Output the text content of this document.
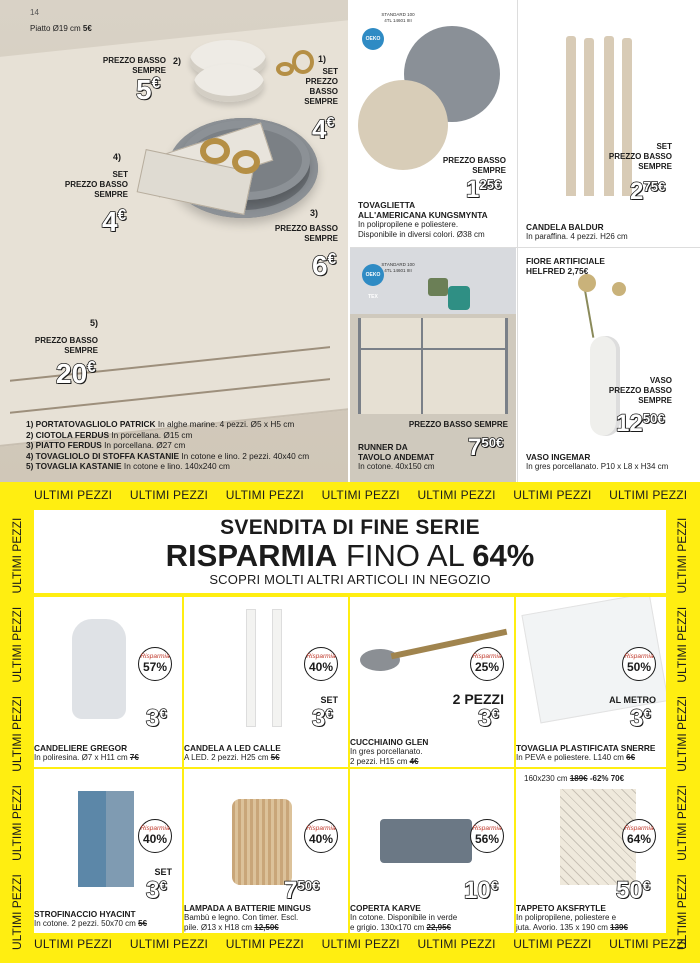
14
Piatto Ø19 cm 5€
PREZZO BASSO
SEMPRE
2)
5€
1)
SET
PREZZO
BASSO
SEMPRE
4€
4)
SET
PREZZO BASSO
SEMPRE
4€	3)
PREZZO BASSO
SEMPRE
6€
5)
PREZZO BASSO
SEMPRE
20€
1) PORTATOVAGLIOLO PATRICK In alghe marine. 4 pezzi. Ø5 x H5 cm
2) CIOTOLA FERDUS In porcellana. Ø15 cm
3) PIATTO FERDUS In porcellana. Ø27 cm
4) TOVAGLIOLO DI STOFFA KASTANIE In cotone e lino. 2 pezzi. 40x40 cm
5) TOVAGLIA KASTANIE In cotone e lino. 140x240 cm
OEKO TEX
STANDARD 100
4TL 14601 IIII
PREZZO BASSO
SEMPRE
$1^{25€}$
TOVAGLIETTA
ALL'AMERICANA KUNGSMYNTA
In polipropilene e poliestere.
Disponibile in diversi colori. Ø38 cm
SET
PREZZO BASSO
SEMPRE
$2^{75€}$
CANDELA BALDUR
In paraffina. 4 pezzi. H26 cm
OEKO TEX
STANDARD 100
4TL 14601 IIII
PREZZO BASSO SEMPRE
$7^{50€}$
RUNNER DA
TAVOLO ANDEMAT
In cotone. 40x150 cm
FIORE ARTIFICIALE
HELFRED 2,75€
VASO
PREZZO BASSO
SEMPRE
$12^{50€}$
VASO INGEMAR
In gres porcellanato. P10 x L8 x H34 cm
ULTIMI PEZZI ULTIMI PEZZI ULTIMI PEZZI ULTIMI PEZZI ULTIMI PEZZI ULTIMI PEZZI ULTIMI PEZZI
ULTIMI PEZZI ULTIMI PEZZI ULTIMI PEZZI ULTIMI PEZZI ULTIMI PEZZI ULTIMI PEZZI ULTIMI PEZZI
ULTIMI PEZZI    ULTIMI PEZZI    ULTIMI PEZZI    ULTIMI PEZZI    ULTIMI PEZZI
ULTIMI PEZZI    ULTIMI PEZZI    ULTIMI PEZZI    ULTIMI PEZZI    ULTIMI PEZZI
SVENDITA DI FINE SERIE
RISPARMIA FINO AL 64%
SCOPRI MOLTI ALTRI ARTICOLI IN NEGOZIO
Risparmia
57%
3€
CANDELIERE GREGOR
In poliresina. Ø7 x H11 cm 7€
Risparmia
40%
SET
3€
CANDELA A LED CALLE
A LED. 2 pezzi. H25 cm 5€
Risparmia
25%
2 PEZZI
3€
CUCCHIAINO GLEN
In gres porcellanato.
2 pezzi. H15 cm 4€
Risparmia
50%
AL METRO
3€
TOVAGLIA PLASTIFICATA SNERRE
In PEVA e poliestere. L140 cm 6€
Risparmia
40%
SET
3€
STROFINACCIO HYACINT
In cotone. 2 pezzi. 50x70 cm 5€
Risparmia
40%
$7^{50€}$
LAMPADA A BATTERIE MINGUS
Bambù e legno. Con timer. Escl.
pile. Ø13 x H18 cm 12,50€
Risparmia
56%
10€
COPERTA KARVE
In cotone. Disponibile in verde
e grigio. 130x170 cm 22,95€
Risparmia
64%
50€
TAPPETO AKSFRYTLE
In polipropilene, poliestere e
juta. Avorio. 135 x 190 cm 139€
160x230 cm 189€ -62% 70€
